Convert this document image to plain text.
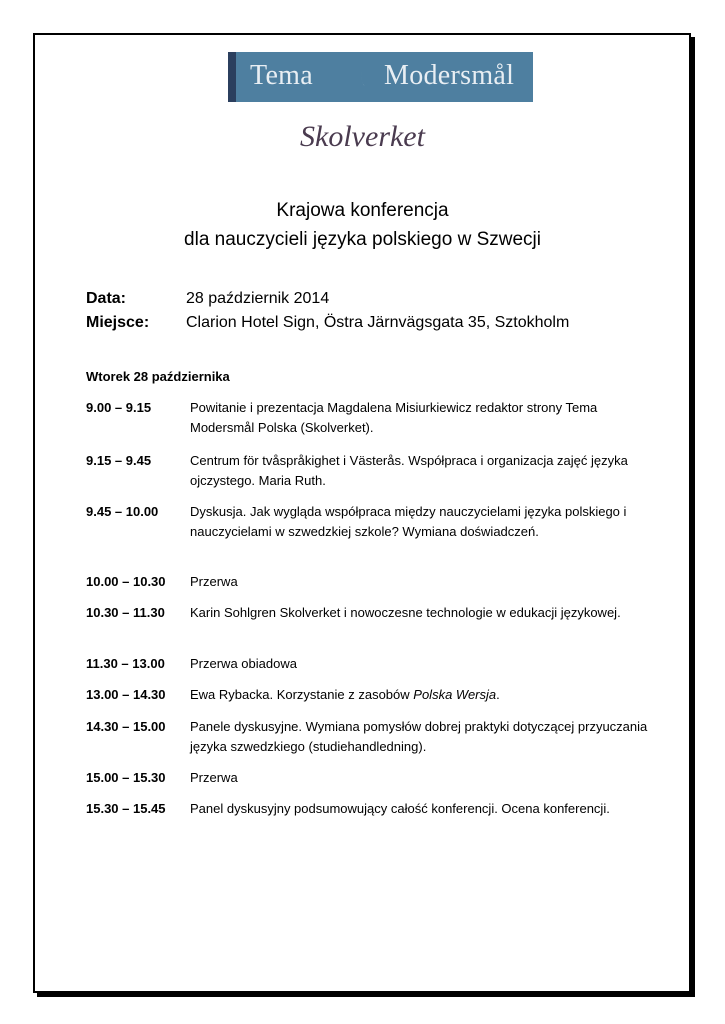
Tema	Modersmål
Skolverket
Krajowa konferencja
dla nauczycieli języka polskiego w Szwecji
Data:	28 październik 2014
Miejsce: Clarion Hotel Sign, Östra Järnvägsgata 35, Sztokholm
Wtorek 28 października
9.00 – 9.15	Powitanie i prezentacja Magdalena Misiurkiewicz redaktor strony Tema Modersmål Polska (Skolverket).
9.15 – 9.45	Centrum för tvåspråkighet i Västerås. Współpraca i organizacja zajęć języka ojczystego. Maria Ruth.
9.45 – 10.00 Dyskusja. Jak wygląda współpraca między nauczycielami języka polskiego i nauczycielami w szwedzkiej szkole? Wymiana doświadczeń.
10.00 – 10.30 Przerwa
10.30 – 11.30 Karin Sohlgren Skolverket i nowoczesne technologie w edukacji językowej.
11.30 – 13.00 Przerwa obiadowa
13.00 – 14.30 Ewa Rybacka. Korzystanie z zasobów Polska Wersja.
14.30 – 15.00 Panele dyskusyjne. Wymiana pomysłów dobrej praktyki dotyczącej przyuczania języka szwedzkiego (studiehandledning).
15.00 – 15.30 Przerwa
15.30 – 15.45 Panel dyskusyjny podsumowujący całość konferencji. Ocena konferencji.
